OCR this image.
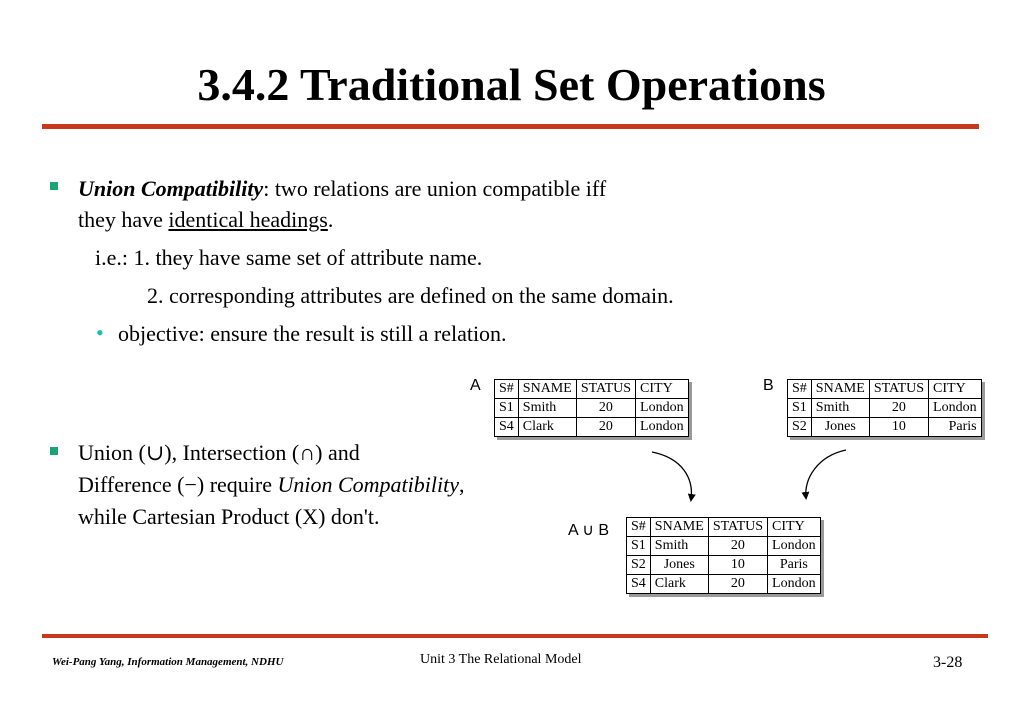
3.4.2 Traditional Set Operations
Union Compatibility: two relations are union compatible iff
they have identical headings.
i.e.: 1. they have same set of attribute name.
2. corresponding attributes are defined on the same domain.
• objective: ensure the result is still a relation.
Union (∪), Intersection (∩) and
Difference (−) require Union Compatibility,
while Cartesian Product (X) don't.
A S#	SNAME	STATUS	CITY
S1	Smith	20	London
S4	Clark	20	London
B S#	SNAME	STATUS	CITY
S1	Smith	20	London
S2	Jones	10	Paris
A ∪ B S#	SNAME	STATUS	CITY
S1	Smith	20	London
S2	Jones	10	Paris
S4	Clark	20	London
Wei-Pang Yang, Information Management, NDHU	Unit 3 The Relational Model	3-28
